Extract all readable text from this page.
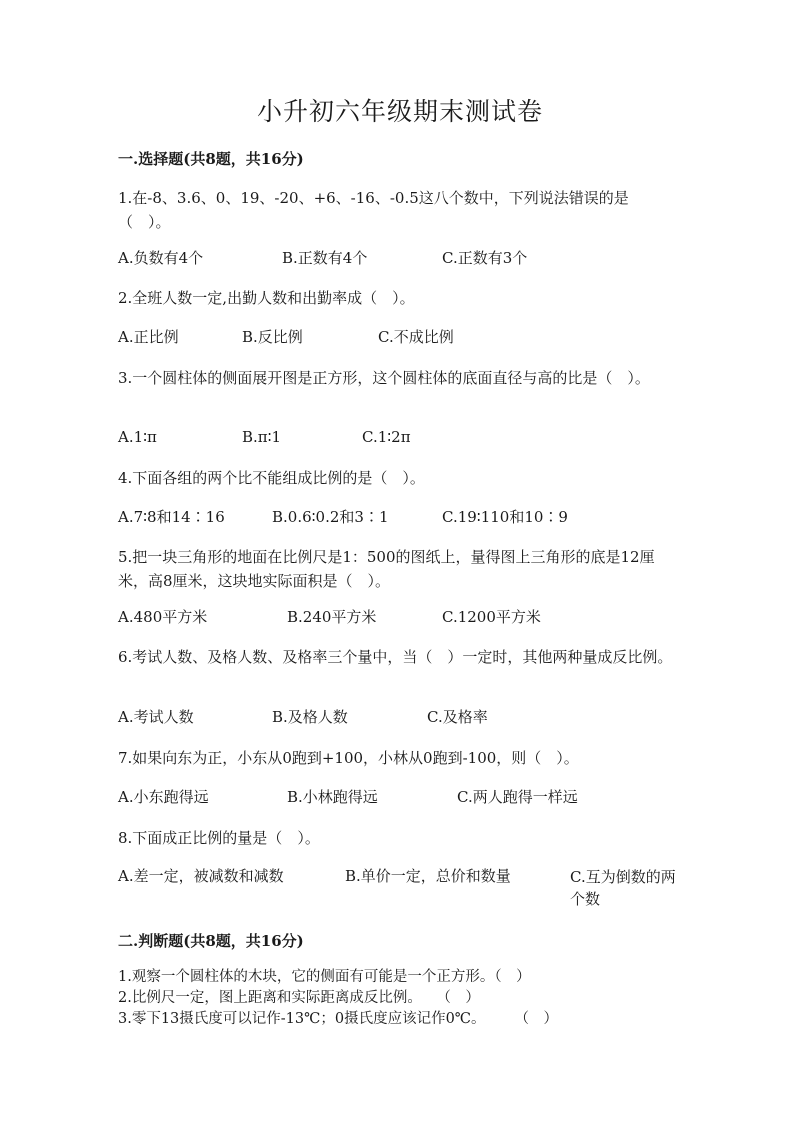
小升初六年级期末测试卷
一.选择题(共8题，共16分)
1.在-8、3.6、0、19、-20、+6、-16、-0.5这八个数中，下列说法错误的是（　）。
A.负数有4个	B.正数有4个	C.正数有3个
2.全班人数一定,出勤人数和出勤率成（　）。
A.正比例	B.反比例	C.不成比例
3.一个圆柱体的侧面展开图是正方形，这个圆柱体的底面直径与高的比是（　）。
A.1∶π	B.π∶1	C.1∶2π
4.下面各组的两个比不能组成比例的是（　）。
A.7∶8和14∶16	B.0.6∶0.2和3∶1	C.19∶110和10∶9
5.把一块三角形的地面在比例尺是1：500的图纸上，量得图上三角形的底是12厘米，高8厘米，这块地实际面积是（　）。
A.480平方米	B.240平方米	C.1200平方米
6.考试人数、及格人数、及格率三个量中，当（　）一定时，其他两种量成反比例。
A.考试人数	B.及格人数	C.及格率
7.如果向东为正，小东从0跑到+100，小林从0跑到-100，则（　）。
A.小东跑得远	B.小林跑得远	C.两人跑得一样远
8.下面成正比例的量是（　）。
A.差一定，被减数和减数	B.单价一定，总价和数量	C.互为倒数的两个数
二.判断题(共8题，共16分)
1.观察一个圆柱体的木块，它的侧面有可能是一个正方形。（　）
2.比例尺一定，图上距离和实际距离成反比例。　　（　）
3.零下13摄氏度可以记作-13℃；0摄氏度应该记作0℃。　　　（　）
